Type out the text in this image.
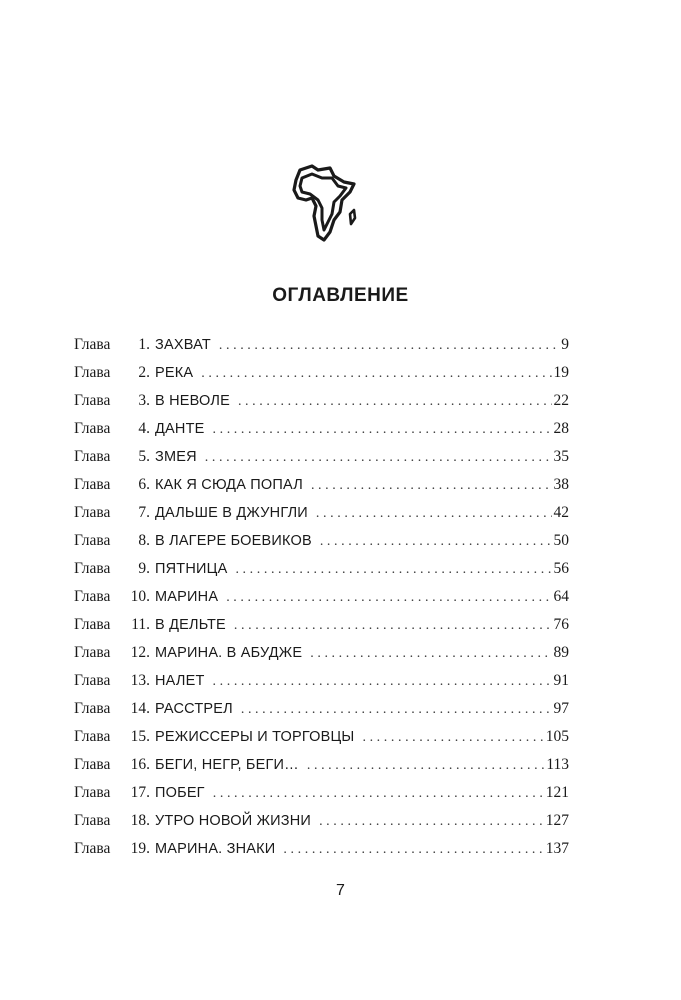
ОГЛАВЛЕНИЕ
Глава	1. ЗАХВАТ .....	9
Глава	2. РЕКА .....	19
Глава	3. В НЕВОЛЕ .....	22
Глава	4. ДАНТЕ .....	28
Глава	5. ЗМЕЯ .....	35
Глава	6. КАК Я СЮДА ПОПАЛ .....	38
Глава	7. ДАЛЬШЕ В ДЖУНГЛИ .....	42
Глава	8. В ЛАГЕРЕ БОЕВИКОВ .....	50
Глава	9. ПЯТНИЦА .....	56
Глава	10. МАРИНА .....	64
Глава	11. В ДЕЛЬТЕ .....	76
Глава	12. МАРИНА. В АБУДЖЕ .....	89
Глава	13. НАЛЕТ .....	91
Глава	14. РАССТРЕЛ .....	97
Глава	15. РЕЖИССЕРЫ И ТОРГОВЦЫ .....	105
Глава	16. БЕГИ, НЕГР, БЕГИ… .....	113
Глава	17. ПОБЕГ .....	121
Глава	18. УТРО НОВОЙ ЖИЗНИ .....	127
Глава	19. МАРИНА. ЗНАКИ .....	137
7
